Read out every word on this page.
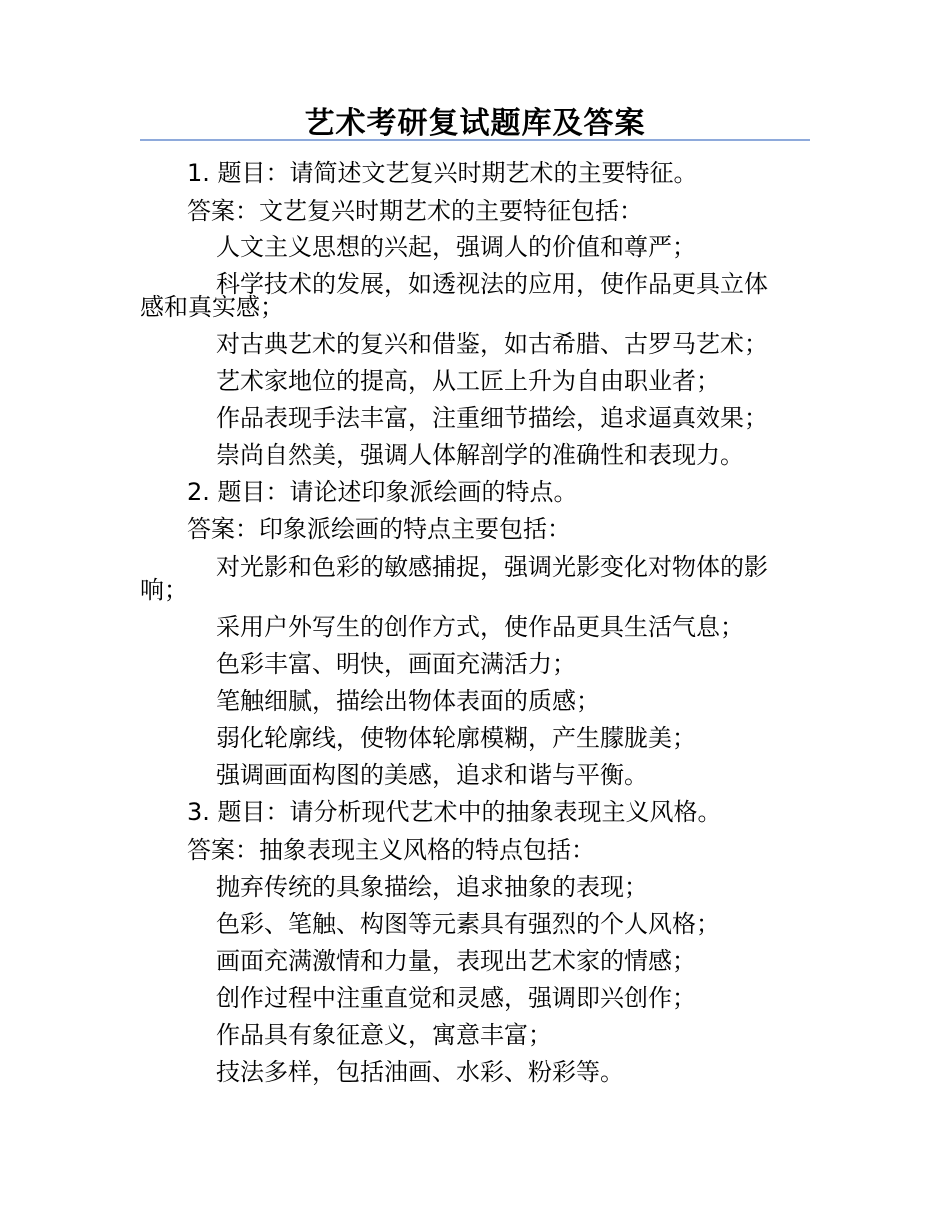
艺术考研复试题库及答案
1. 题目：请简述文艺复兴时期艺术的主要特征。
答案：文艺复兴时期艺术的主要特征包括：
人文主义思想的兴起，强调人的价值和尊严；
科学技术的发展，如透视法的应用，使作品更具立体
感和真实感；
对古典艺术的复兴和借鉴，如古希腊、古罗马艺术；
艺术家地位的提高，从工匠上升为自由职业者；
作品表现手法丰富，注重细节描绘，追求逼真效果；
崇尚自然美，强调人体解剖学的准确性和表现力。
2. 题目：请论述印象派绘画的特点。
答案：印象派绘画的特点主要包括：
对光影和色彩的敏感捕捉，强调光影变化对物体的影
响；
采用户外写生的创作方式，使作品更具生活气息；
色彩丰富、明快，画面充满活力；
笔触细腻，描绘出物体表面的质感；
弱化轮廓线，使物体轮廓模糊，产生朦胧美；
强调画面构图的美感，追求和谐与平衡。
3. 题目：请分析现代艺术中的抽象表现主义风格。
答案：抽象表现主义风格的特点包括：
抛弃传统的具象描绘，追求抽象的表现；
色彩、笔触、构图等元素具有强烈的个人风格；
画面充满激情和力量，表现出艺术家的情感；
创作过程中注重直觉和灵感，强调即兴创作；
作品具有象征意义，寓意丰富；
技法多样，包括油画、水彩、粉彩等。
